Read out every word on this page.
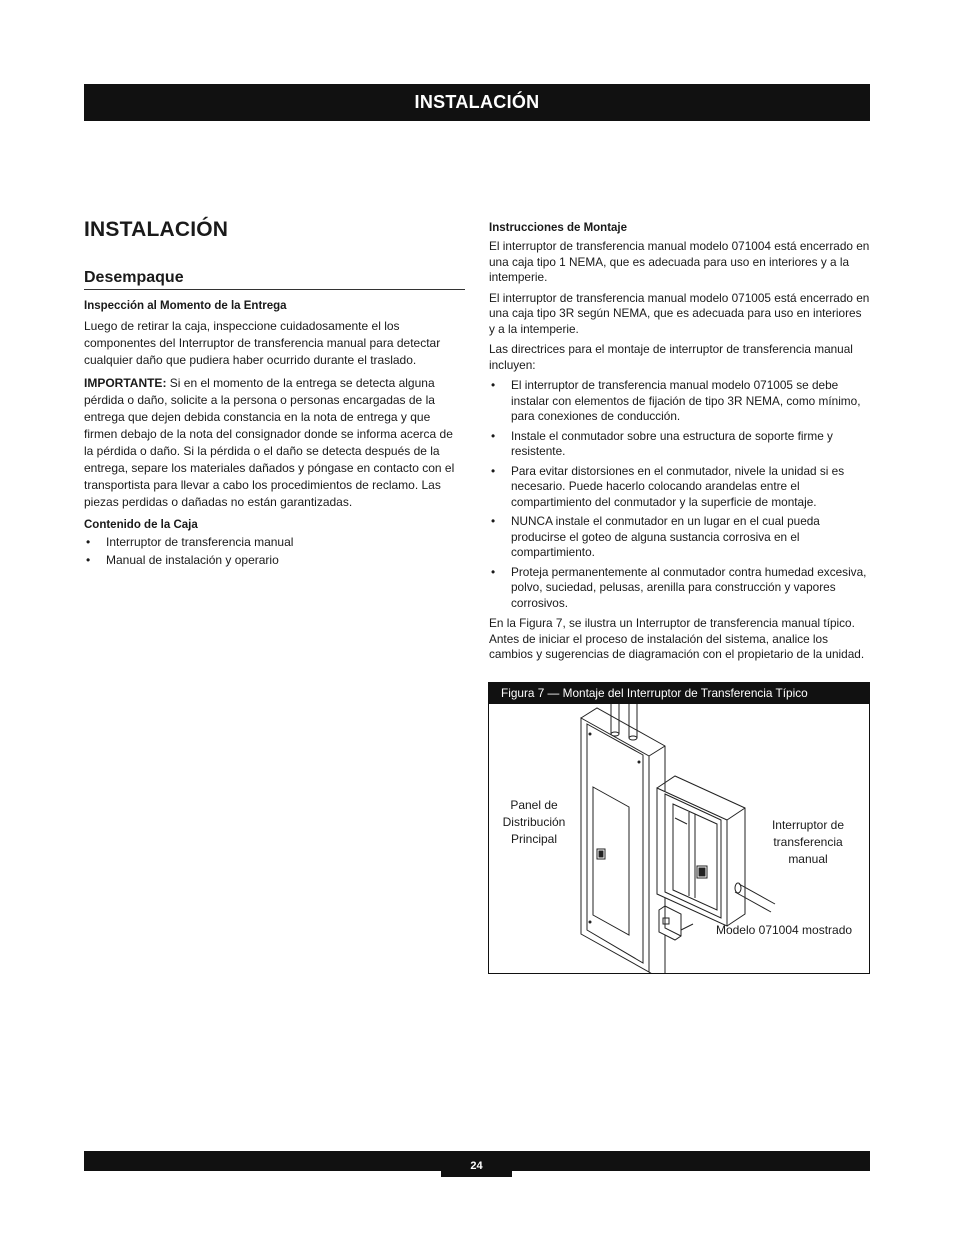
INSTALACIÓN
INSTALACIÓN
Desempaque
Inspección al Momento de la Entrega

Luego de retirar la caja, inspeccione cuidadosamente el los componentes del Interruptor de transferencia manual para detectar cualquier daño que pudiera haber ocurrido durante el traslado.

IMPORTANTE: Si en el momento de la entrega se detecta alguna pérdida o daño, solicite a la persona o personas encargadas de la entrega que dejen debida constancia en la nota de entrega y que firmen debajo de la nota del consignador donde se informa acerca de la pérdida o daño. Si la pérdida o el daño se detecta después de la entrega, separe los materiales dañados y póngase en contacto con el transportista para llevar a cabo los procedimientos de reclamo. Las piezas perdidas o dañadas no están garantizadas.

Contenido de la Caja
• Interruptor de transferencia manual
• Manual de instalación y operario
Instrucciones de Montaje

El interruptor de transferencia manual modelo 071004 está encerrado en una caja tipo 1 NEMA, que es adecuada para uso en interiores y a la intemperie.

El interruptor de transferencia manual modelo 071005 está encerrado en una caja tipo 3R según NEMA, que es adecuada para uso en interiores y a la intemperie.

Las directrices para el montaje de interruptor de transferencia manual incluyen:

• El interruptor de transferencia manual modelo 071005 se debe instalar con elementos de fijación de tipo 3R NEMA, como mínimo, para conexiones de conducción.
• Instale el conmutador sobre una estructura de soporte firme y resistente.
• Para evitar distorsiones en el conmutador, nivele la unidad si es necesario. Puede hacerlo colocando arandelas entre el compartimiento del conmutador y la superficie de montaje.
• NUNCA instale el conmutador en un lugar en el cual pueda producirse el goteo de alguna sustancia corrosiva en el compartimiento.
• Proteja permanentemente al conmutador contra humedad excesiva, polvo, suciedad, pelusas, arenilla para construcción y vapores corrosivos.

En la Figura 7, se ilustra un Interruptor de transferencia manual típico. Antes de iniciar el proceso de instalación del sistema, analice los cambios y sugerencias de diagramación con el propietario de la unidad.

Figura 7 — Montaje del Interruptor de Transferencia Típico
Panel de
Distribución
Principal
Interruptor de
transferencia
manual
Modelo 071004 mostrado
24
